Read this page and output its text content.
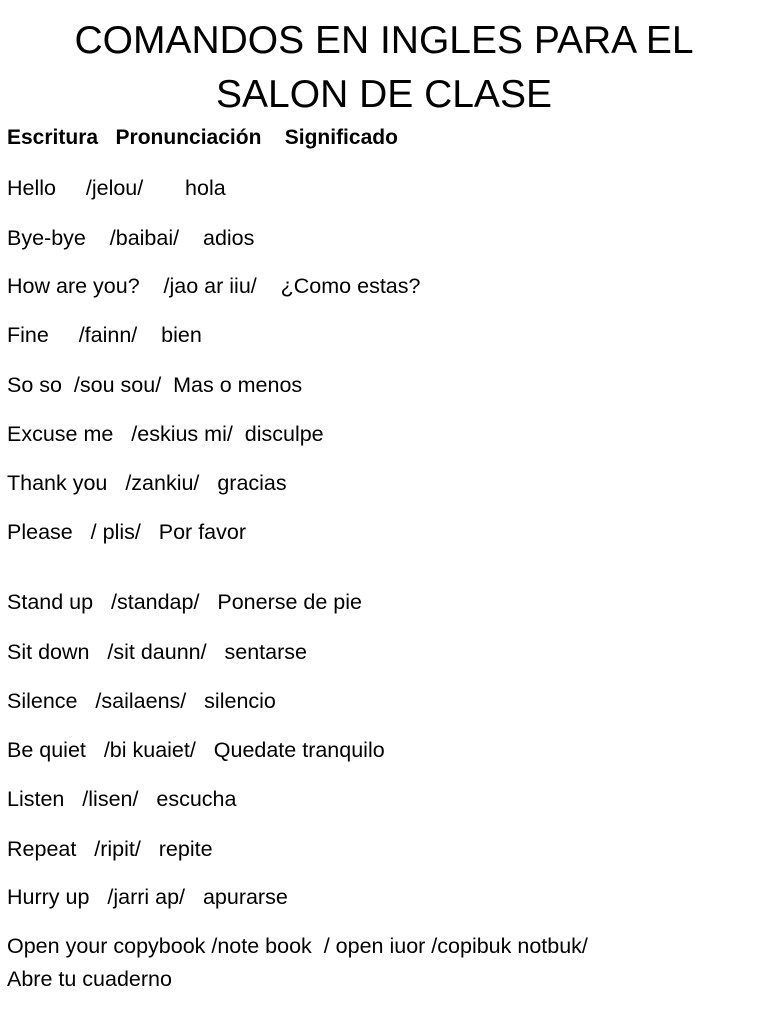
COMANDOS EN INGLES PARA EL
SALON DE CLASE
Escritura   Pronunciación    Significado

Hello     /jelou/       hola

Bye-bye    /baibai/    adios

How are you?    /jao ar iiu/    ¿Como estas?

Fine     /fainn/    bien

So so  /sou sou/  Mas o menos

Excuse me   /eskius mi/  disculpe

Thank you   /zankiu/   gracias

Please   / plis/   Por favor

Stand up   /standap/   Ponerse de pie

Sit down   /sit daunn/   sentarse

Silence   /sailaens/   silencio

Be quiet   /bi kuaiet/   Quedate tranquilo

Listen   /lisen/   escucha

Repeat   /ripit/   repite

Hurry up   /jarri ap/   apurarse

Open your copybook /note book  / open iuor /copibuk notbuk/
Abre tu cuaderno
